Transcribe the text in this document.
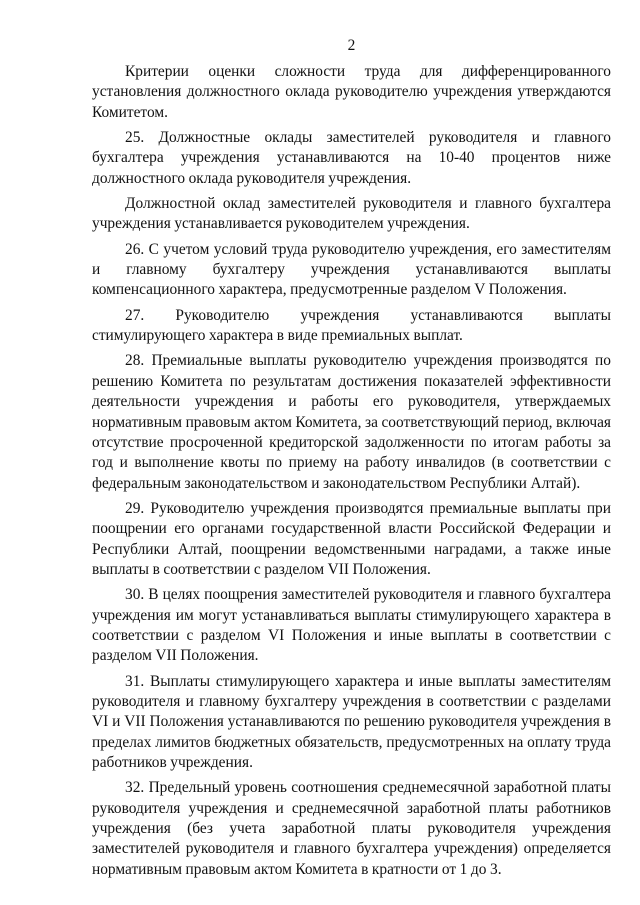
2

Критерии оценки сложности труда для дифференцированного установления должностного оклада руководителю учреждения утверждаются Комитетом.

25. Должностные оклады заместителей руководителя и главного бухгалтера учреждения устанавливаются на 10-40 процентов ниже должностного оклада руководителя учреждения.

Должностной оклад заместителей руководителя и главного бухгалтера учреждения устанавливается руководителем учреждения.

26. С учетом условий труда руководителю учреждения, его заместителям и главному бухгалтеру учреждения устанавливаются выплаты компенсационного характера, предусмотренные разделом V Положения.

27. Руководителю учреждения устанавливаются выплаты стимулирующего характера в виде премиальных выплат.

28. Премиальные выплаты руководителю учреждения производятся по решению Комитета по результатам достижения показателей эффективности деятельности учреждения и работы его руководителя, утверждаемых нормативным правовым актом Комитета, за соответствующий период, включая отсутствие просроченной кредиторской задолженности по итогам работы за год и выполнение квоты по приему на работу инвалидов (в соответствии с федеральным законодательством и законодательством Республики Алтай).

29. Руководителю учреждения производятся премиальные выплаты при поощрении его органами государственной власти Российской Федерации и Республики Алтай, поощрении ведомственными наградами, а также иные выплаты в соответствии с разделом VII Положения.

30. В целях поощрения заместителей руководителя и главного бухгалтера учреждения им могут устанавливаться выплаты стимулирующего характера в соответствии с разделом VI Положения и иные выплаты в соответствии с разделом VII Положения.

31. Выплаты стимулирующего характера и иные выплаты заместителям руководителя и главному бухгалтеру учреждения в соответствии с разделами VI и VII Положения устанавливаются по решению руководителя учреждения в пределах лимитов бюджетных обязательств, предусмотренных на оплату труда работников учреждения.

32. Предельный уровень соотношения среднемесячной заработной платы руководителя учреждения и среднемесячной заработной платы работников учреждения (без учета заработной платы руководителя учреждения заместителей руководителя и главного бухгалтера учреждения) определяется нормативным правовым актом Комитета в кратности от 1 до 3.
